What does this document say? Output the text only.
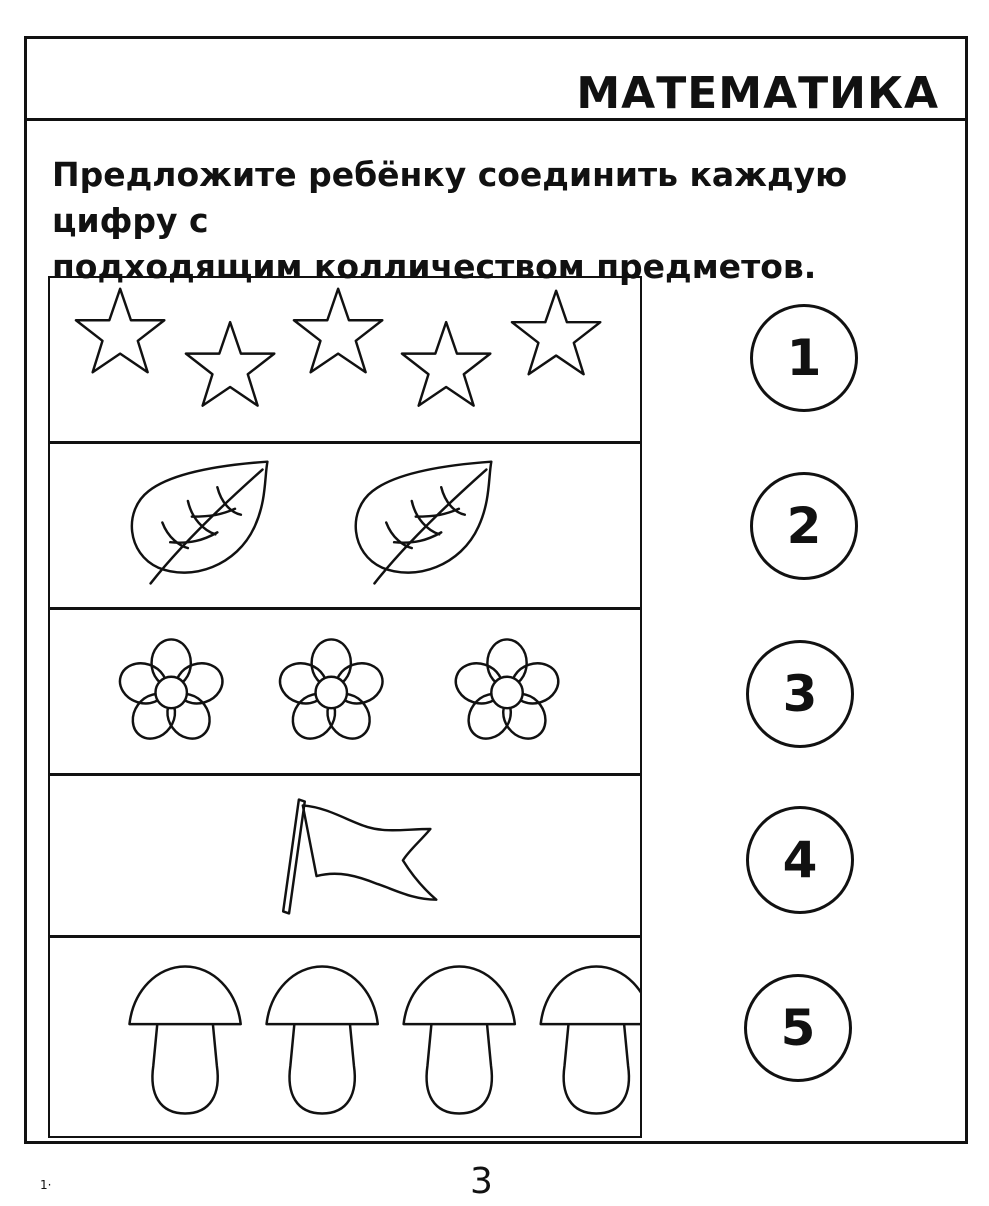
МАТЕМАТИКА
Предложите ребёнку соединить каждую цифру с
подходящим колличеством предметов.
1
2
3
4
5
3
1·
